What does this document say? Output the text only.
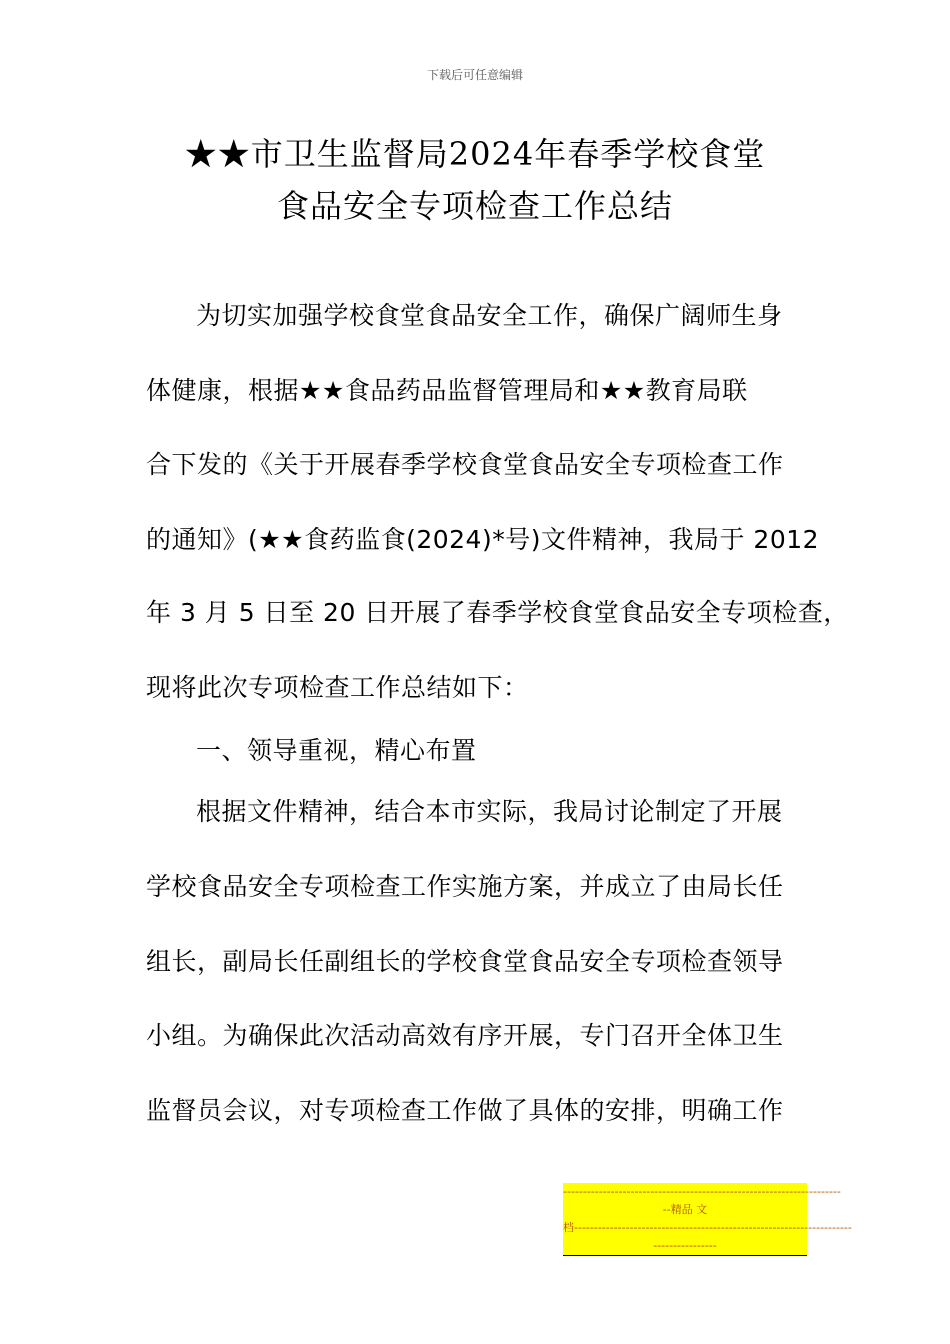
下载后可任意编辑
★★市卫生监督局2024年春季学校食堂
食品安全专项检查工作总结
为切实加强学校食堂食品安全工作，确保广阔师生身
体健康，根据★★食品药品监督管理局和★★教育局联
合下发的《关于开展春季学校食堂食品安全专项检查工作
的通知》(★★食药监食(2024)*号)文件精神，我局于 2012
年 3 月 5 日至 20 日开展了春季学校食堂食品安全专项检查，
现将此次专项检查工作总结如下：
一、领导重视，精心布置
根据文件精神，结合本市实际，我局讨论制定了开展
学校食品安全专项检查工作实施方案，并成立了由局长任
组长，副局长任副组长的学校食堂食品安全专项检查领导
小组。为确保此次活动高效有序开展，专门召开全体卫生
监督员会议，对专项检查工作做了具体的安排，明确工作
----------------------------------------------------------------------
--精品 文
档----------------------------------------------------------------------
----------------
